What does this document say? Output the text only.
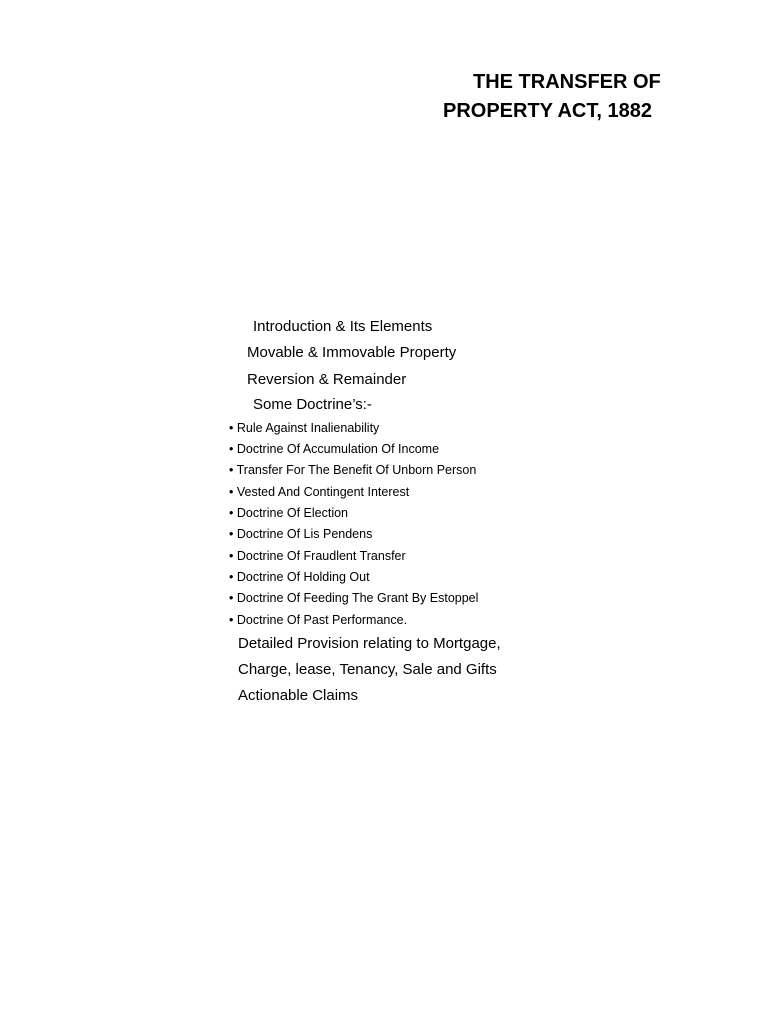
THE TRANSFER OF
PROPERTY ACT, 1882

Introduction & Its Elements

Movable & Immovable Property

Reversion & Remainder

Some Doctrine’s:-

• Rule Against Inalienability

• Doctrine Of Accumulation Of Income

• Transfer For The Benefit Of Unborn Person

• Vested And Contingent Interest

• Doctrine Of Election

• Doctrine Of Lis Pendens

• Doctrine Of Fraudlent Transfer

• Doctrine Of Holding Out

• Doctrine Of Feeding The Grant By Estoppel

• Doctrine Of Past Performance.

Detailed Provision relating to Mortgage,

Charge, lease, Tenancy, Sale and Gifts

Actionable Claims
